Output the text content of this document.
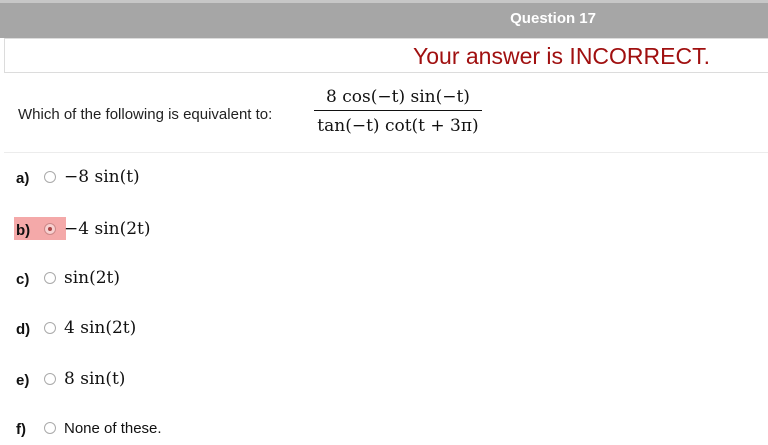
Question 17
Your answer is INCORRECT.
Which of the following is equivalent to:
8 cos(−t) sin(−t)
tan(−t) cot(t + 3π)
a) −8 sin(t)
b) −4 sin(2t)
c) sin(2t)
d) 4 sin(2t)
e) 8 sin(t)
f)	None of these.
